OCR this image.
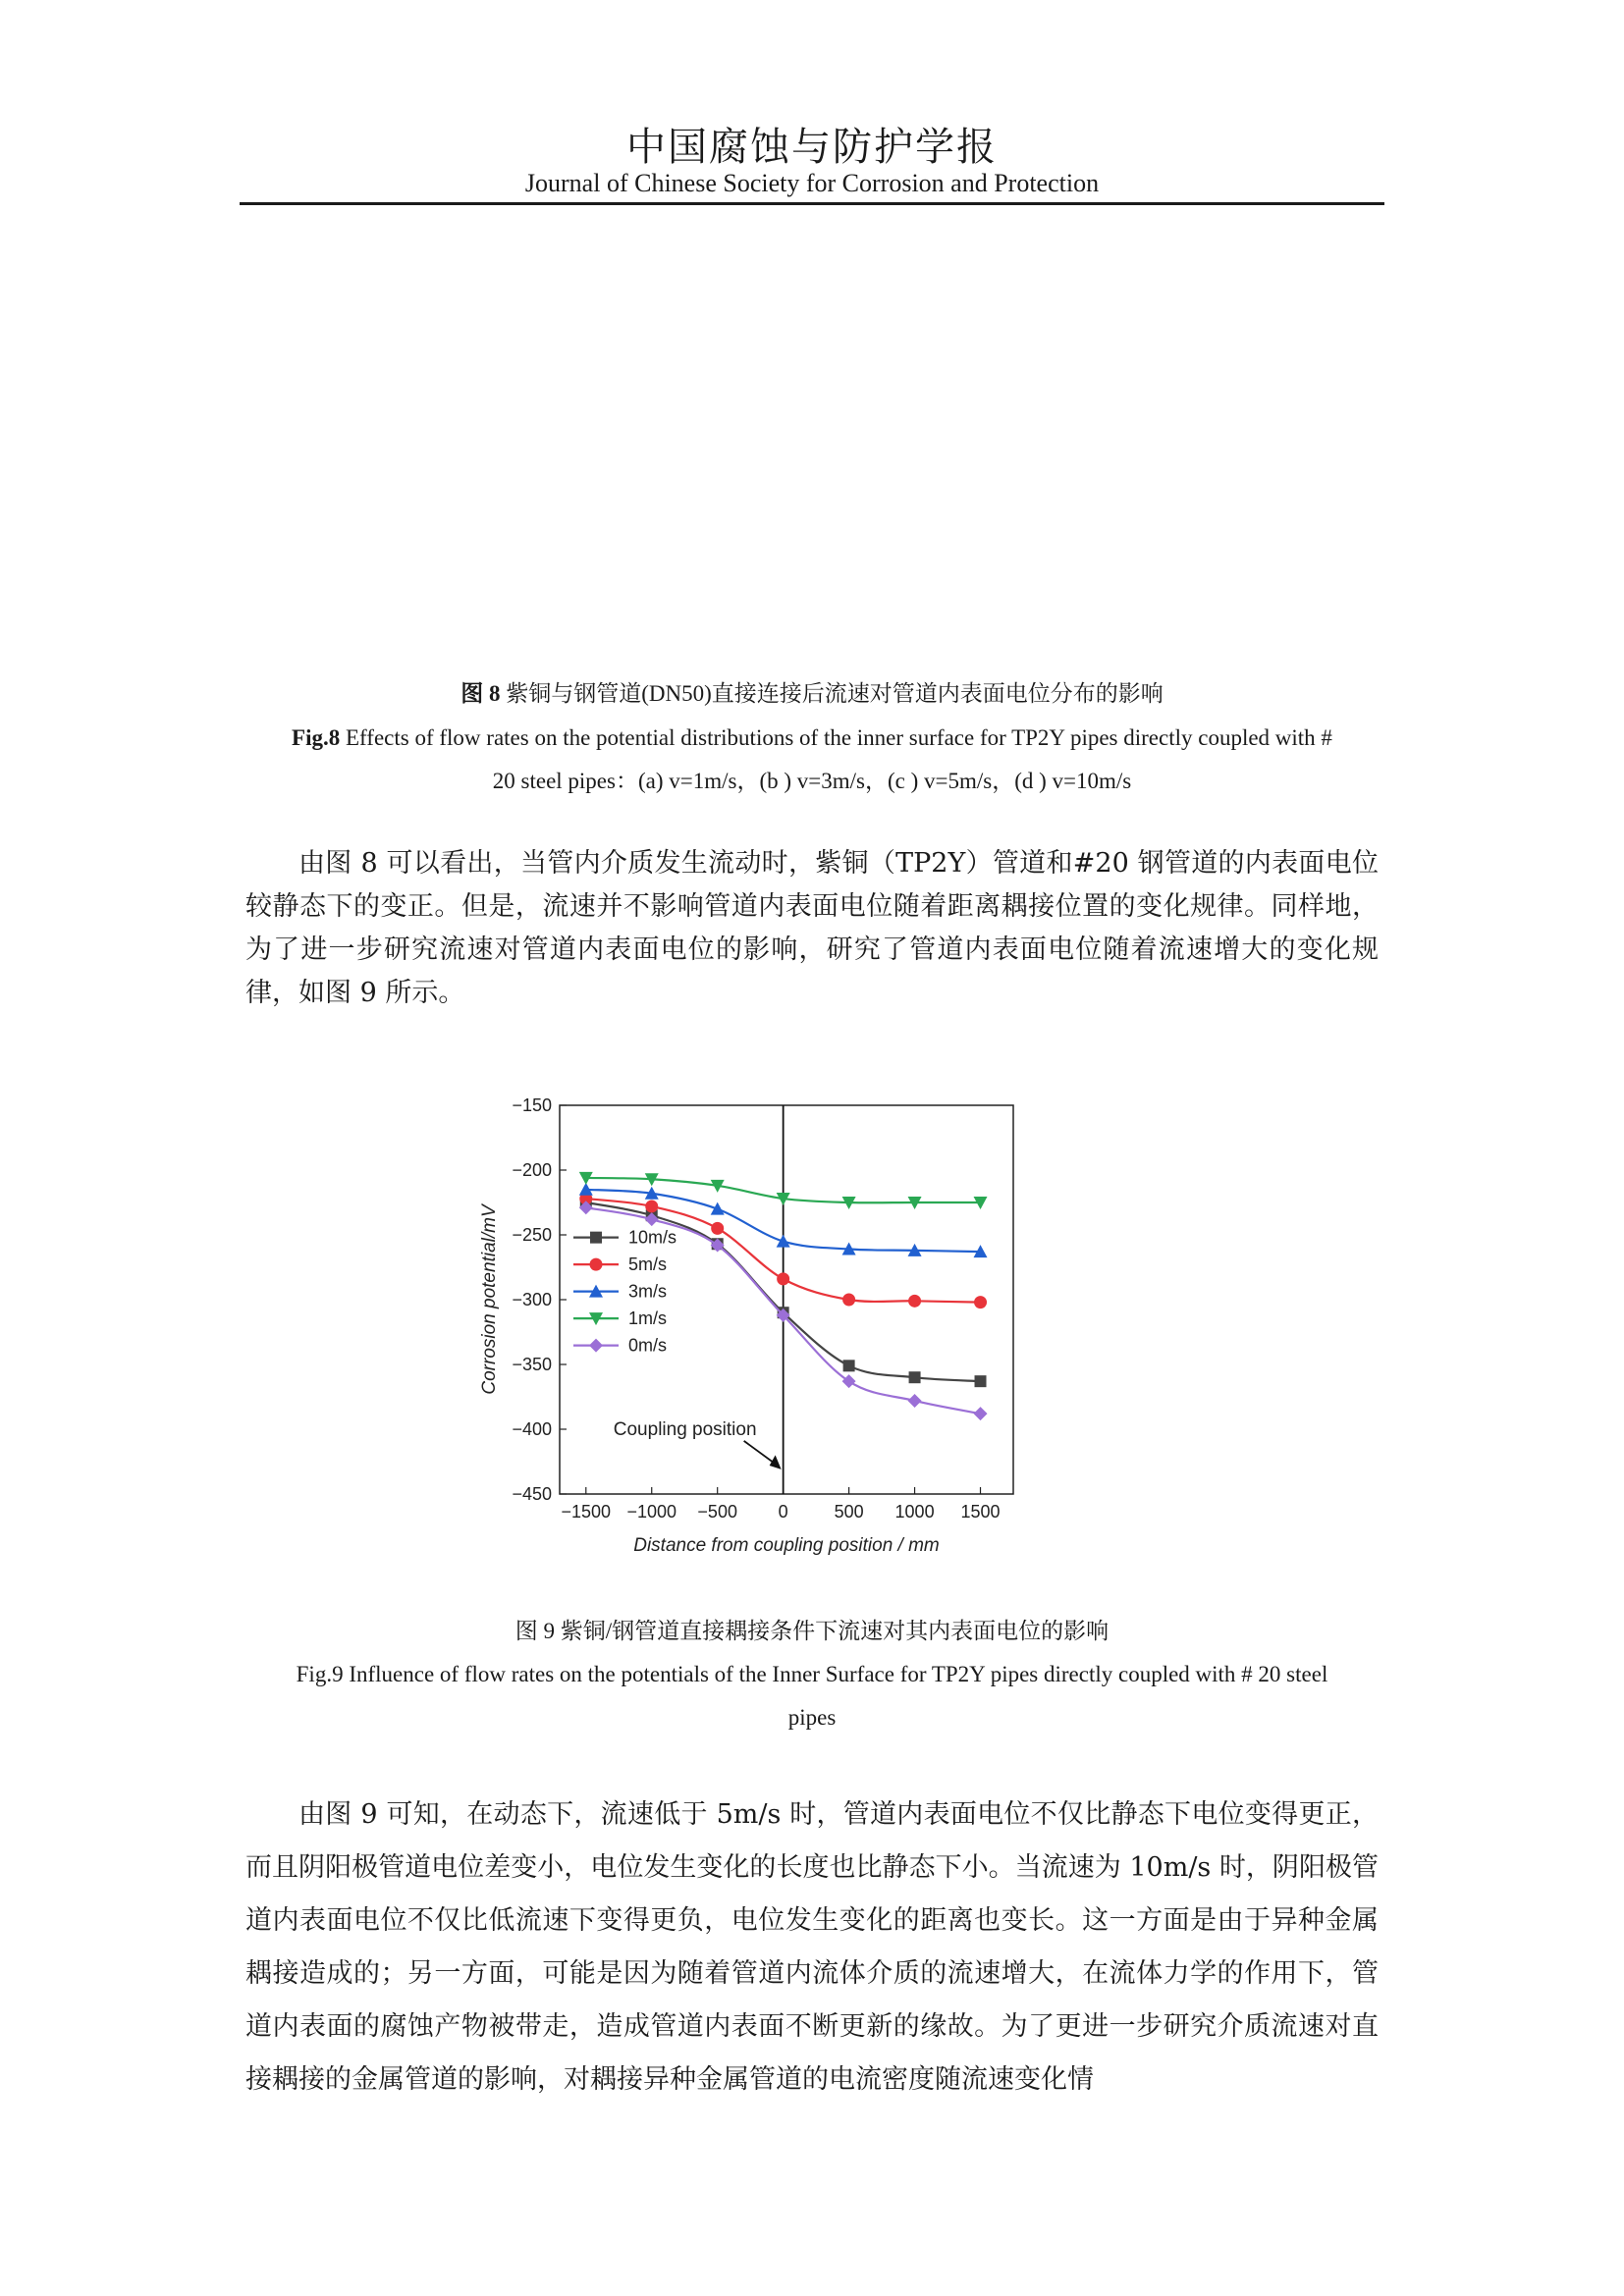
中国腐蚀与防护学报
Journal of Chinese Society for Corrosion and Protection
图 8 紫铜与钢管道(DN50)直接连接后流速对管道内表面电位分布的影响
Fig.8 Effects of flow rates on the potential distributions of the inner surface for TP2Y pipes directly coupled with #
20 steel pipes：(a) v=1m/s，(b ) v=3m/s，(c ) v=5m/s，(d ) v=10m/s

由图 8 可以看出，当管内介质发生流动时，紫铜（TP2Y）管道和#20 钢管道的内表面电位较静态下的变正。但是，流速并不影响管道内表面电位随着距离耦接位置的变化规律。同样地，为了进一步研究流速对管道内表面电位的影响，研究了管道内表面电位随着流速增大的变化规律，如图 9 所示。

−150
−200
−250
−300
−350
−400
−450
−1500 −1000 −500 0	500 1000 1500
Distance from coupling position / mm
Corrosion potential/mV
Coupling position
10m/s
5m/s
3m/s
1m/s
0m/s
图 9 紫铜/钢管道直接耦接条件下流速对其内表面电位的影响
Fig.9 Influence of flow rates on the potentials of the Inner Surface for TP2Y pipes directly coupled with # 20 steel
pipes

由图 9 可知，在动态下，流速低于 5m/s 时，管道内表面电位不仅比静态下电位变得更正，而且阴阳极管道电位差变小，电位发生变化的长度也比静态下小。当流速为 10m/s 时，阴阳极管道内表面电位不仅比低流速下变得更负，电位发生变化的距离也变长。这一方面是由于异种金属耦接造成的；另一方面，可能是因为随着管道内流体介质的流速增大，在流体力学的作用下，管道内表面的腐蚀产物被带走，造成管道内表面不断更新的缘故。为了更进一步研究介质流速对直接耦接的金属管道的影响，对耦接异种金属管道的电流密度随流速变化情
